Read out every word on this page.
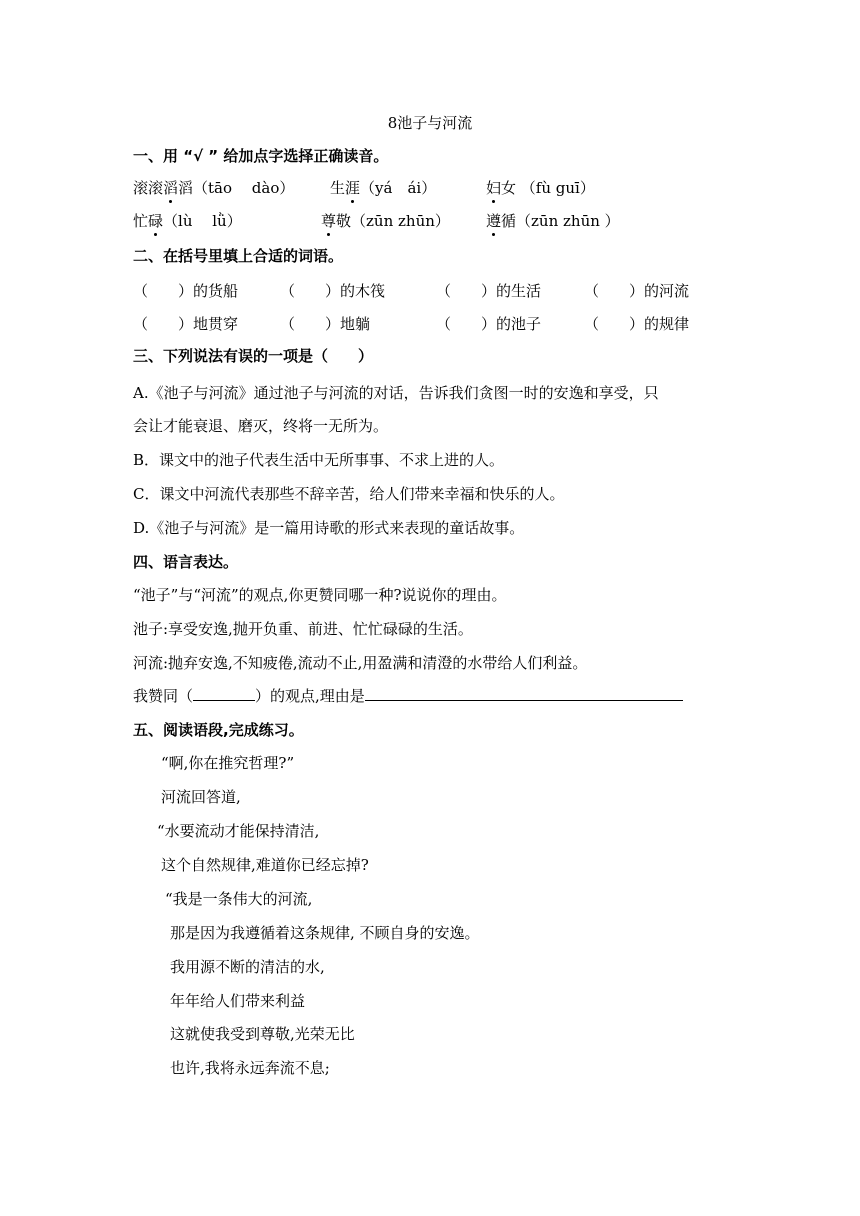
8池子与河流
一、用 “√ ” 给加点字选择正确读音。
滚滚滔滔（tāo　 dào） 生涯（yá　ái）	妇女 （fù guī）
忙碌（lù　 lǜ）	尊敬（zūn zhūn） 遵循（zūn zhūn ）
二、在括号里填上合适的词语。
（　　）的货船	（　　）的木筏	（　　）的生活	（　　）的河流
（　　）地贯穿	（　　）地躺	（　　）的池子	（　　）的规律
三、下列说法有误的一项是（　　）
A.《池子与河流》通过池子与河流的对话，告诉我们贪图一时的安逸和享受，只
会让才能衰退、磨灭，终将一无所为。
B．课文中的池子代表生活中无所事事、不求上进的人。
C．课文中河流代表那些不辞辛苦，给人们带来幸福和快乐的人。
D.《池子与河流》是一篇用诗歌的形式来表现的童话故事。
四、语言表达。
“池子”与“河流”的观点,你更赞同哪一种?说说你的理由。
池子:享受安逸,抛开负重、前进、忙忙碌碌的生活。
河流:抛弃安逸,不知疲倦,流动不止,用盈满和清澄的水带给人们利益。
我赞同（	）的观点,理由是
五、阅读语段,完成练习。
“啊,你在推究哲理?”
河流回答道,
“水要流动才能保持清洁,
这个自然规律,难道你已经忘掉?
“我是一条伟大的河流,
那是因为我遵循着这条规律, 不顾自身的安逸。
我用源不断的清洁的水,
年年给人们带来利益
这就使我受到尊敬,光荣无比
也许,我将永远奔流不息;
